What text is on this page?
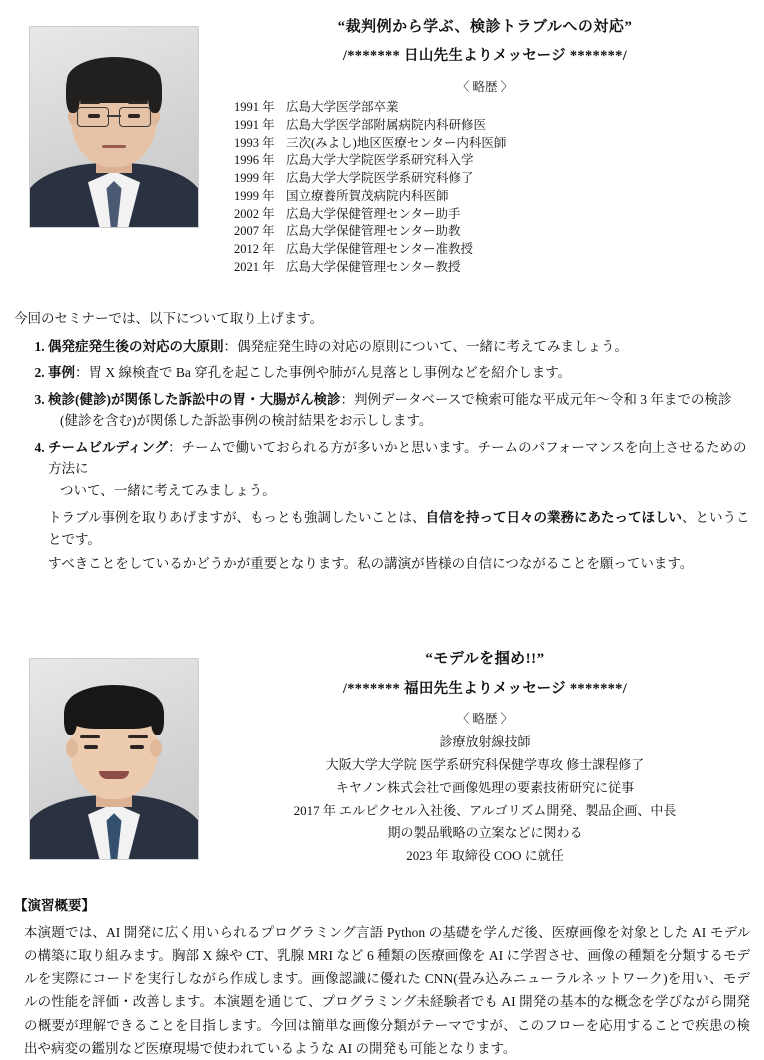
“裁判例から学ぶ、検診トラブルへの対応”
/******* 日山先生よりメッセージ *******/
〈 略歴 〉
1991 年 広島大学医学部卒業
1991 年 広島大学医学部附属病院内科研修医
1993 年 三次(みよし)地区医療センター内科医師
1996 年 広島大学大学院医学系研究科入学
1999 年 広島大学大学院医学系研究科修了
1999 年 国立療養所賀茂病院内科医師
2002 年 広島大学保健管理センター助手
2007 年 広島大学保健管理センター助教
2012 年 広島大学保健管理センター准教授
2021 年 広島大学保健管理センター教授

今回のセミナーでは、以下について取り上げます。

1. 偶発症発生後の対応の大原則：偶発症発生時の対応の原則について、一緒に考えてみましょう。
2. 事例：胃 X 線検査で Ba 穿孔を起こした事例や肺がん見落とし事例などを紹介します。
3. 検診(健診)が関係した訴訟中の胃・大腸がん検診：判例データベースで検索可能な平成元年～令和 3 年までの検診
(健診を含む)が関係した訴訟事例の検討結果をお示しします。
4. チームビルディング：チームで働いておられる方が多いかと思います。チームのパフォーマンスを向上させるための方法に
ついて、一緒に考えてみましょう。

トラブル事例を取りあげますが、もっとも強調したいことは、自信を持って日々の業務にあたってほしい、ということです。

すべきことをしているかどうかが重要となります。私の講演が皆様の自信につながることを願っています。

“モデルを掴め!!”
/******* 福田先生よりメッセージ *******/
〈 略歴 〉
診療放射線技師
大阪大学大学院 医学系研究科保健学専攻 修士課程修了
キヤノン株式会社で画像処理の要素技術研究に従事
2017 年 エルピクセル入社後、アルゴリズム開発、製品企画、中長
期の製品戦略の立案などに関わる
2023 年 取締役 COO に就任
【演習概要】

本演題では、AI 開発に広く用いられるプログラミング言語 Python の基礎を学んだ後、医療画像を対象とした AI モデルの構築に取り組みます。胸部 X 線や CT、乳腺 MRI など 6 種類の医療画像を AI に学習させ、画像の種類を分類するモデルを実際にコードを実行しながら作成します。画像認識に優れた CNN(畳み込みニューラルネットワーク)を用い、モデルの性能を評価・改善します。本演題を通じて、プログラミング未経験者でも AI 開発の基本的な概念を学びながら開発の概要が理解できることを目指します。今回は簡単な画像分類がテーマですが、このフローを応用することで疾患の検出や病変の鑑別など医療現場で使われているような AI の開発も可能となります。
